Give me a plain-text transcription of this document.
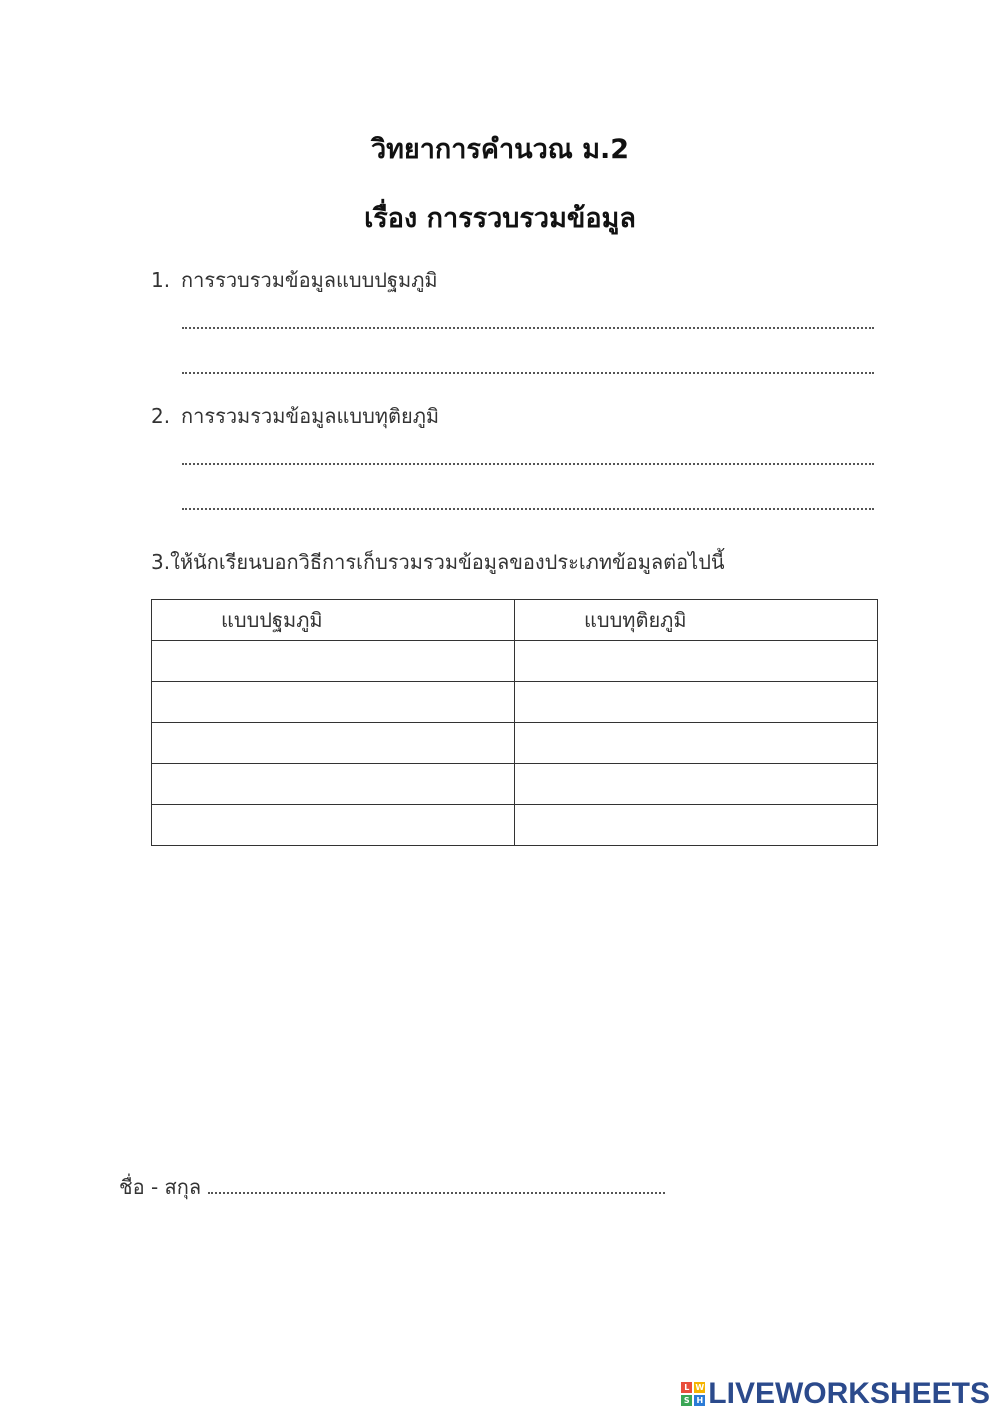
วิทยาการคำนวณ ม.2
เรื่อง การรวบรวมข้อมูล
1. การรวบรวมข้อมูลแบบปฐมภูมิ
2. การรวมรวมข้อมูลแบบทุติยภูมิ
3.ให้นักเรียนบอกวิธีการเก็บรวมรวมข้อมูลของประเภทข้อมูลต่อไปนี้
แบบปฐมภูมิ	แบบทุติยภูมิ

ชื่อ - สกุล
L W
S H LIVEWORKSHEETS
